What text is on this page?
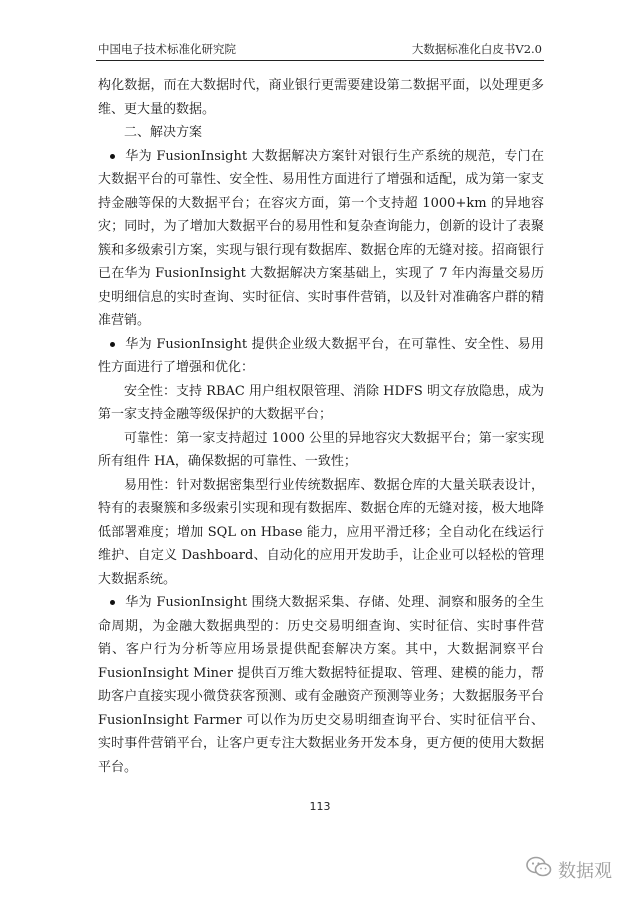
中国电子技术标准化研究院	大数据标准化白皮书V2.0

构化数据，而在大数据时代，商业银行更需要建设第二数据平面，以处理更多维、更大量的数据。

二、解决方案

华为 FusionInsight 大数据解决方案针对银行生产系统的规范，专门在大数据平台的可靠性、安全性、易用性方面进行了增强和适配，成为第一家支持金融等保的大数据平台；在容灾方面，第一个支持超 1000+km 的异地容灾；同时，为了增加大数据平台的易用性和复杂查询能力，创新的设计了表聚簇和多级索引方案，实现与银行现有数据库、数据仓库的无缝对接。招商银行已在华为 FusionInsight 大数据解决方案基础上，实现了 7 年内海量交易历史明细信息的实时查询、实时征信、实时事件营销，以及针对准确客户群的精准营销。

华为 FusionInsight 提供企业级大数据平台，在可靠性、安全性、易用性方面进行了增强和优化：

安全性：支持 RBAC 用户组权限管理、消除 HDFS 明文存放隐患，成为第一家支持金融等级保护的大数据平台；

可靠性：第一家支持超过 1000 公里的异地容灾大数据平台；第一家实现所有组件 HA，确保数据的可靠性、一致性；

易用性：针对数据密集型行业传统数据库、数据仓库的大量关联表设计，特有的表聚簇和多级索引实现和现有数据库、数据仓库的无缝对接，极大地降低部署难度；增加 SQL on Hbase 能力，应用平滑迁移；全自动化在线运行维护、自定义 Dashboard、自动化的应用开发助手，让企业可以轻松的管理大数据系统。

华为 FusionInsight 围绕大数据采集、存储、处理、洞察和服务的全生命周期，为金融大数据典型的：历史交易明细查询、实时征信、实时事件营销、客户行为分析等应用场景提供配套解决方案。其中，大数据洞察平台 FusionInsight Miner 提供百万维大数据特征提取、管理、建模的能力，帮助客户直接实现小微贷获客预测、或有金融资产预测等业务；大数据服务平台 FusionInsight Farmer 可以作为历史交易明细查询平台、实时征信平台、实时事件营销平台，让客户更专注大数据业务开发本身，更方便的使用大数据平台。

113
数据观
